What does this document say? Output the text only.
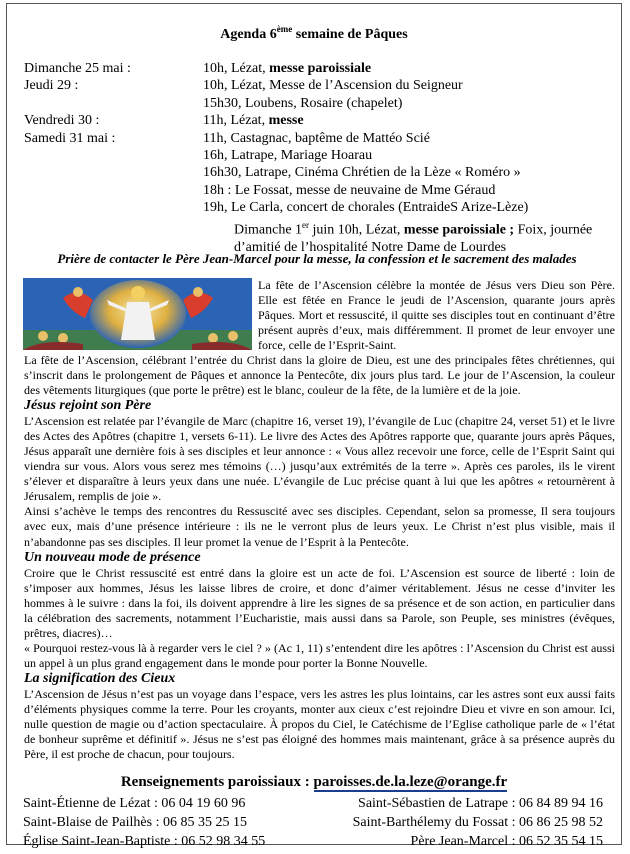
Agenda 6ème semaine de Pâques
Dimanche 25 mai :	10h, Lézat, messe paroissiale
Jeudi 29 :	10h, Lézat, Messe de l’Ascension du Seigneur
15h30, Loubens, Rosaire (chapelet)
Vendredi 30 :	11h, Lézat, messe
Samedi 31 mai :	11h, Castagnac, baptême de Mattéo Scié
16h, Latrape, Mariage Hoarau
16h30, Latrape, Cinéma Chrétien de la Lèze « Roméro »
18h : Le Fossat, messe de neuvaine de Mme Géraud
19h, Le Carla, concert de chorales (EntraideS Arize-Lèze)
Dimanche 1er juin 10h, Lézat, messe paroissiale ; Foix, journée d’amitié de l’hospitalité Notre Dame de Lourdes
Prière de contacter le Père Jean-Marcel pour la messe, la confession et le sacrement des malades
La fête de l’Ascension célèbre la montée de Jésus vers Dieu son Père. Elle est fêtée en France le jeudi de l’Ascension, quarante jours après Pâques. Mort et ressuscité, il quitte ses disciples tout en continuant d’être présent auprès d’eux, mais différemment. Il promet de leur envoyer une force, celle de l’Esprit-Saint.

La fête de l’Ascension, célébrant l’entrée du Christ dans la gloire de Dieu, est une des principales fêtes chrétiennes, qui s’inscrit dans le prolongement de Pâques et annonce la Pentecôte, dix jours plus tard. Le jour de l’Ascension, la couleur des vêtements liturgiques (que porte le prêtre) est le blanc, couleur de la fête, de la lumière et de la joie.

Jésus rejoint son Père

L’Ascension est relatée par l’évangile de Marc (chapitre 16, verset 19), l’évangile de Luc (chapitre 24, verset 51) et le livre des Actes des Apôtres (chapitre 1, versets 6-11). Le livre des Actes des Apôtres rapporte que, quarante jours après Pâques, Jésus apparaît une dernière fois à ses disciples et leur annonce : « Vous allez recevoir une force, celle de l’Esprit Saint qui viendra sur vous. Alors vous serez mes témoins (…) jusqu’aux extrémités de la terre ». Après ces paroles, ils le virent s’élever et disparaître à leurs yeux dans une nuée. L’évangile de Luc précise quant à lui que les apôtres « retournèrent à Jérusalem, remplis de joie ».

Ainsi s’achève le temps des rencontres du Ressuscité avec ses disciples. Cependant, selon sa promesse, Il sera toujours avec eux, mais d’une présence intérieure : ils ne le verront plus de leurs yeux. Le Christ n’est plus visible, mais il n’abandonne pas ses disciples. Il leur promet la venue de l’Esprit à la Pentecôte.

Un nouveau mode de présence

Croire que le Christ ressuscité est entré dans la gloire est un acte de foi. L’Ascension est source de liberté : loin de s’imposer aux hommes, Jésus les laisse libres de croire, et donc d’aimer véritablement. Jésus ne cesse d’inviter les hommes à le suivre : dans la foi, ils doivent apprendre à lire les signes de sa présence et de son action, en particulier dans la célébration des sacrements, notamment l’Eucharistie, mais aussi dans sa Parole, son Peuple, ses ministres (évêques, prêtres, diacres)…

« Pourquoi restez-vous là à regarder vers le ciel ? » (Ac 1, 11) s’entendent dire les apôtres : l’Ascension du Christ est aussi un appel à un plus grand engagement dans le monde pour porter la Bonne Nouvelle.

La signification des Cieux

L’Ascension de Jésus n’est pas un voyage dans l’espace, vers les astres les plus lointains, car les astres sont eux aussi faits d’éléments physiques comme la terre. Pour les croyants, monter aux cieux c’est rejoindre Dieu et vivre en son amour. Ici, nulle question de magie ou d’action spectaculaire. À propos du Ciel, le Catéchisme de l’Eglise catholique parle de « l’état de bonheur suprême et définitif ». Jésus ne s’est pas éloigné des hommes mais maintenant, grâce à sa présence auprès du Père, il est proche de chacun, pour toujours.

Renseignements paroissiaux : paroisses.de.la.leze@orange.fr
Saint-Étienne de Lézat : 06 04 19 60 96	Saint-Sébastien de Latrape : 06 84 89 94 16
Saint-Blaise de Pailhès : 06 85 35 25 15	Saint-Barthélemy du Fossat : 06 86 25 98 52
Église Saint-Jean-Baptiste : 06 52 98 34 55	Père Jean-Marcel : 06 52 35 54 15
